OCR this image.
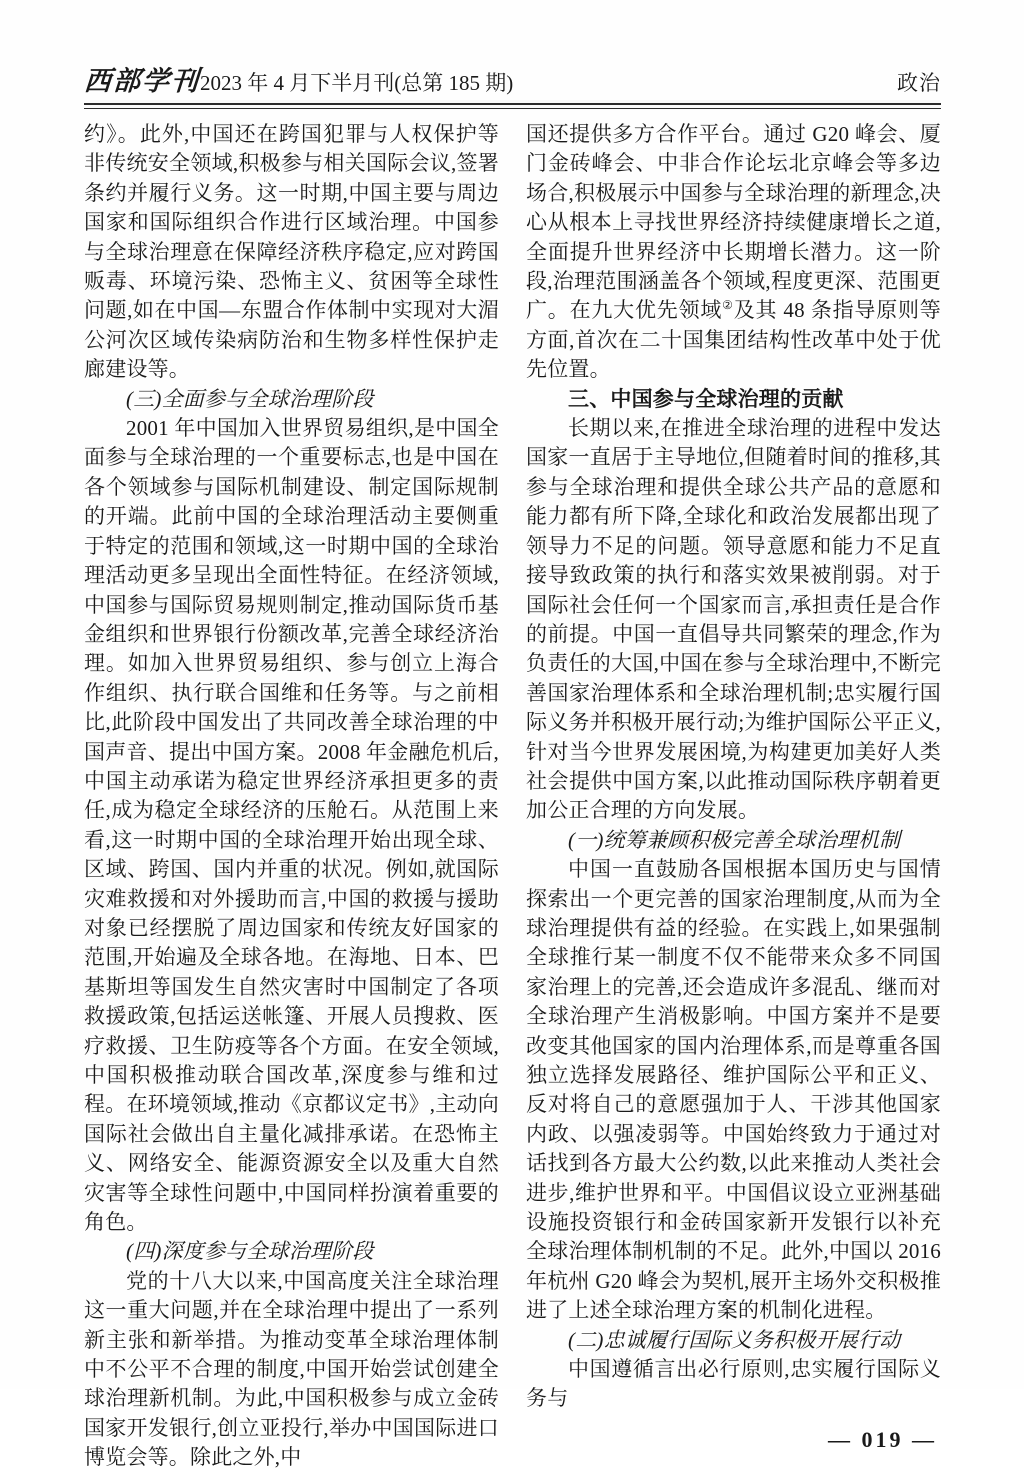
西部学刊
2023 年 4 月下半月刊(总第 185 期)	政治

约》。此外,中国还在跨国犯罪与人权保护等非传统安全领域,积极参与相关国际会议,签署条约并履行义务。这一时期,中国主要与周边国家和国际组织合作进行区域治理。中国参与全球治理意在保障经济秩序稳定,应对跨国贩毒、环境污染、恐怖主义、贫困等全球性问题,如在中国—东盟合作体制中实现对大湄公河次区域传染病防治和生物多样性保护走廊建设等。

(三)全面参与全球治理阶段

2001 年中国加入世界贸易组织,是中国全面参与全球治理的一个重要标志,也是中国在各个领域参与国际机制建设、制定国际规制的开端。此前中国的全球治理活动主要侧重于特定的范围和领域,这一时期中国的全球治理活动更多呈现出全面性特征。在经济领域,中国参与国际贸易规则制定,推动国际货币基金组织和世界银行份额改革,完善全球经济治理。如加入世界贸易组织、参与创立上海合作组织、执行联合国维和任务等。与之前相比,此阶段中国发出了共同改善全球治理的中国声音、提出中国方案。2008 年金融危机后,中国主动承诺为稳定世界经济承担更多的责任,成为稳定全球经济的压舱石。从范围上来看,这一时期中国的全球治理开始出现全球、区域、跨国、国内并重的状况。例如,就国际灾难救援和对外援助而言,中国的救援与援助对象已经摆脱了周边国家和传统友好国家的范围,开始遍及全球各地。在海地、日本、巴基斯坦等国发生自然灾害时中国制定了各项救援政策,包括运送帐篷、开展人员搜救、医疗救援、卫生防疫等各个方面。在安全领域,中国积极推动联合国改革,深度参与维和过程。在环境领域,推动《京都议定书》,主动向国际社会做出自主量化减排承诺。在恐怖主义、网络安全、能源资源安全以及重大自然灾害等全球性问题中,中国同样扮演着重要的角色。

(四)深度参与全球治理阶段

党的十八大以来,中国高度关注全球治理这一重大问题,并在全球治理中提出了一系列新主张和新举措。为推动变革全球治理体制中不公平不合理的制度,中国开始尝试创建全球治理新机制。为此,中国积极参与成立金砖国家开发银行,创立亚投行,举办中国国际进口博览会等。除此之外,中

国还提供多方合作平台。通过 G20 峰会、厦门金砖峰会、中非合作论坛北京峰会等多边场合,积极展示中国参与全球治理的新理念,决心从根本上寻找世界经济持续健康增长之道,全面提升世界经济中长期增长潜力。这一阶段,治理范围涵盖各个领域,程度更深、范围更广。在九大优先领域②及其 48 条指导原则等方面,首次在二十国集团结构性改革中处于优先位置。

三、中国参与全球治理的贡献

长期以来,在推进全球治理的进程中发达国家一直居于主导地位,但随着时间的推移,其参与全球治理和提供全球公共产品的意愿和能力都有所下降,全球化和政治发展都出现了领导力不足的问题。领导意愿和能力不足直接导致政策的执行和落实效果被削弱。对于国际社会任何一个国家而言,承担责任是合作的前提。中国一直倡导共同繁荣的理念,作为负责任的大国,中国在参与全球治理中,不断完善国家治理体系和全球治理机制;忠实履行国际义务并积极开展行动;为维护国际公平正义,针对当今世界发展困境,为构建更加美好人类社会提供中国方案,以此推动国际秩序朝着更加公正合理的方向发展。

(一)统筹兼顾积极完善全球治理机制

中国一直鼓励各国根据本国历史与国情探索出一个更完善的国家治理制度,从而为全球治理提供有益的经验。在实践上,如果强制全球推行某一制度不仅不能带来众多不同国家治理上的完善,还会造成许多混乱、继而对全球治理产生消极影响。中国方案并不是要改变其他国家的国内治理体系,而是尊重各国独立选择发展路径、维护国际公平和正义、反对将自己的意愿强加于人、干涉其他国家内政、以强凌弱等。中国始终致力于通过对话找到各方最大公约数,以此来推动人类社会进步,维护世界和平。中国倡议设立亚洲基础设施投资银行和金砖国家新开发银行以补充全球治理体制机制的不足。此外,中国以 2016 年杭州 G20 峰会为契机,展开主场外交积极推进了上述全球治理方案的机制化进程。

(二)忠诚履行国际义务积极开展行动

中国遵循言出必行原则,忠实履行国际义务与

— 019 —
